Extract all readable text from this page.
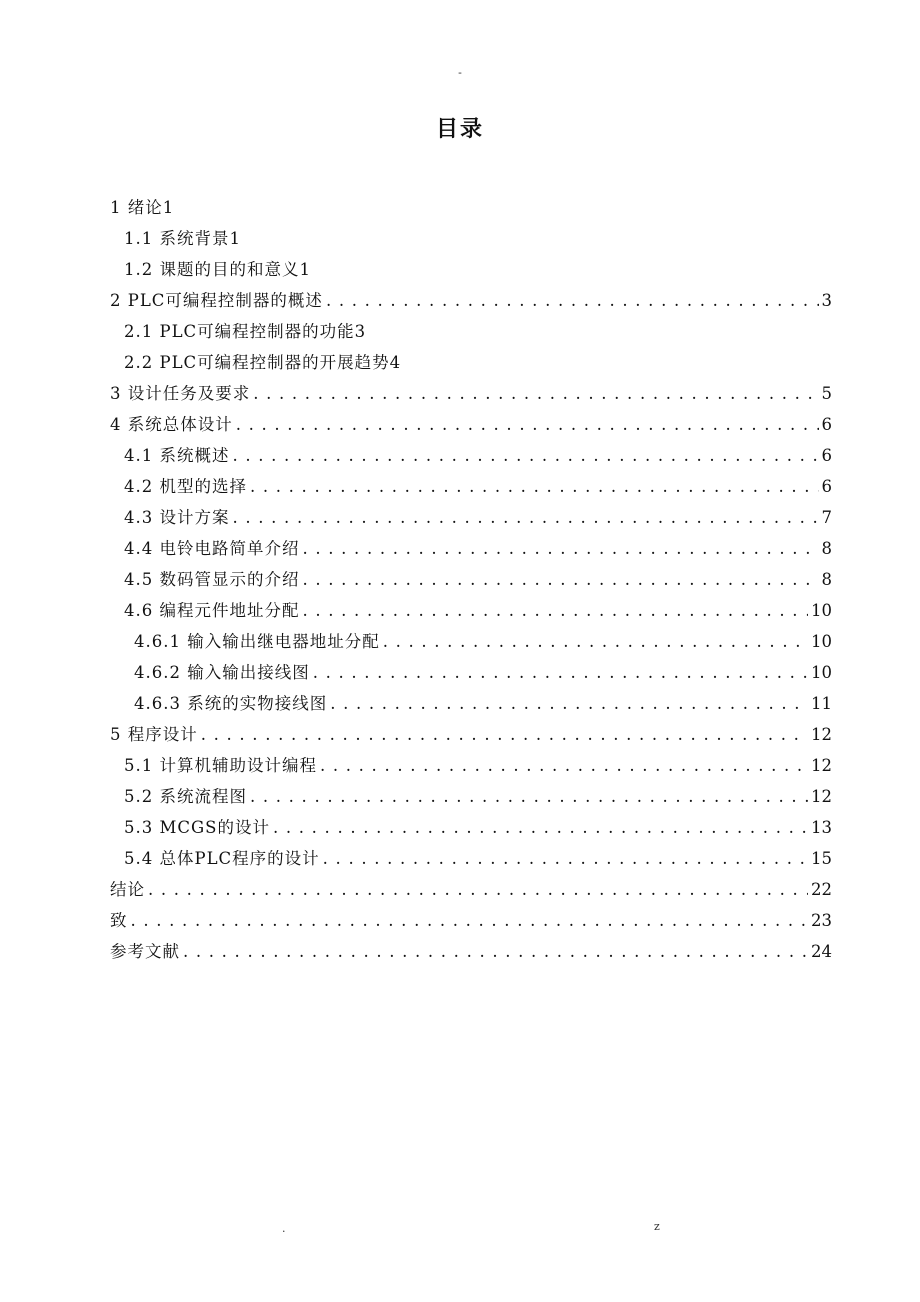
-
目录
1 绪论1
1.1 系统背景1
1.2 课题的目的和意义1
2 PLC可编程控制器的概述 . . .	3
2.1 PLC可编程控制器的功能3
2.2 PLC可编程控制器的开展趋势4
3 设计任务及要求 . . .	5
4 系统总体设计 . . .	6
4.1 系统概述 . . .	6
4.2 机型的选择 . . .	6
4.3 设计方案 . . .	7
4.4 电铃电路简单介绍 . . .	8
4.5 数码管显示的介绍 . . .	8
4.6 编程元件地址分配 . . .	10
4.6.1 输入输出继电器地址分配 . . .	10
4.6.2 输入输出接线图 . . .	10
4.6.3 系统的实物接线图 . . .	11
5 程序设计 . . .	12
5.1 计算机辅助设计编程 . . .	12
5.2 系统流程图 . . .	12
5.3 MCGS的设计 . . .	13
5.4 总体PLC程序的设计 . . .	15
结论 . . .	22
致 . . .	23
参考文献 . . .	24
.	z
